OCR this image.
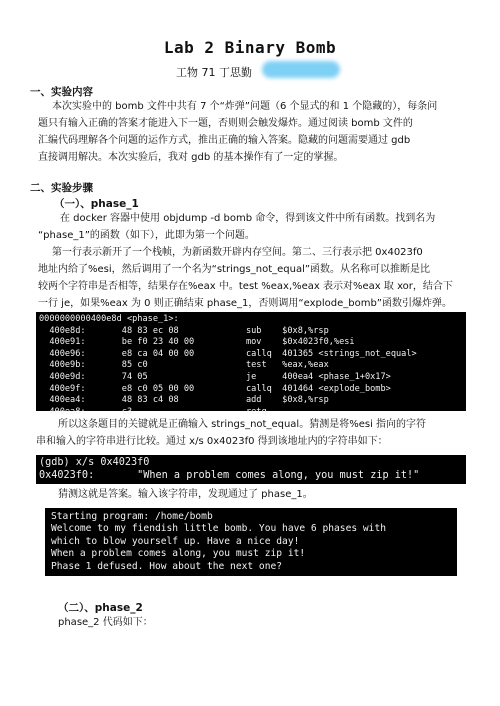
Lab 2 Binary Bomb
工物 71 丁思勤
一、实验内容
本次实验中的 bomb 文件中共有 7 个“炸弹”问题（6 个显式的和 1 个隐藏的），每条问
题只有输入正确的答案才能进入下一题，否则则会触发爆炸。通过阅读 bomb 文件的
汇编代码理解各个问题的运作方式，推出正确的输入答案。隐藏的问题需要通过 gdb
直接调用解决。本次实验后，我对 gdb 的基本操作有了一定的掌握。
二、实验步骤
（一）、phase_1
在 docker 容器中使用 objdump -d bomb 命令，得到该文件中所有函数。找到名为
“phase_1”的函数（如下），此即为第一个问题。
第一行表示新开了一个栈帧，为新函数开辟内存空间。第二、三行表示把 0x4023f0
地址内给了%esi，然后调用了一个名为“strings_not_equal”函数。从名称可以推断是比
较两个字符串是否相等，结果存在%eax 中。test %eax,%eax 表示对%eax 取 xor，结合下
一行 je，如果%eax 为 0 则正确结束 phase_1，否则调用“explode_bomb”函数引爆炸弹。
0000000000400e8d <phase_1>:
400e8d:       48 83 ec 08             sub    $0x8,%rsp
400e91:       be f0 23 40 00          mov    $0x4023f0,%esi
400e96:       e8 ca 04 00 00          callq  401365 <strings_not_equal>
400e9b:       85 c0                   test   %eax,%eax
400e9d:       74 05                   je     400ea4 <phase_1+0x17>
400e9f:       e8 c0 05 00 00          callq  401464 <explode_bomb>
400ea4:       48 83 c4 08             add    $0x8,%rsp
400ea8:       c3                      retq
所以这条题目的关键就是正确输入 strings_not_equal。猜测是将%esi 指向的字符
串和输入的字符串进行比较。通过 x/s 0x4023f0 得到该地址内的字符串如下：
(gdb) x/s 0x4023f0
0x4023f0:       "When a problem comes along, you must zip it!"
猜测这就是答案。输入该字符串，发现通过了 phase_1。
Starting program: /home/bomb
Welcome to my fiendish little bomb. You have 6 phases with
which to blow yourself up. Have a nice day!
When a problem comes along, you must zip it!
Phase 1 defused. How about the next one?
（二）、phase_2
phase_2 代码如下：
